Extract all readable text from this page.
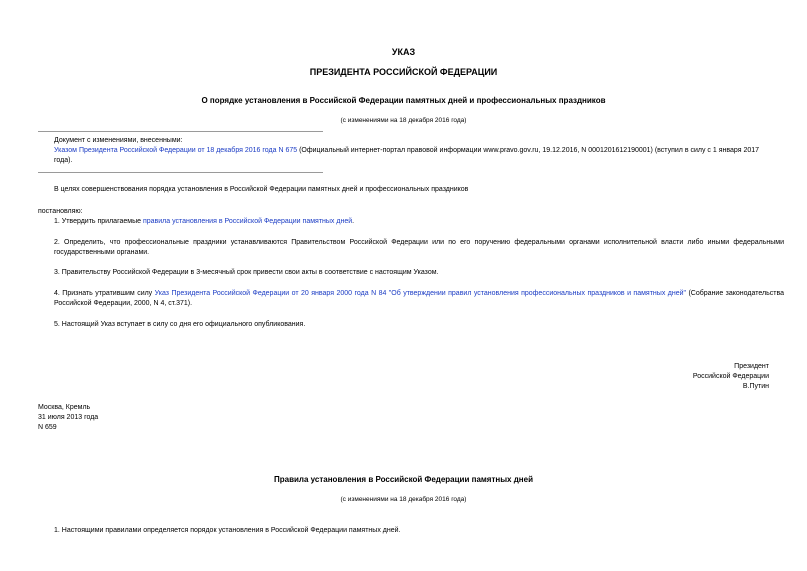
УКАЗ
ПРЕЗИДЕНТА РОССИЙСКОЙ ФЕДЕРАЦИИ
О порядке установления в Российской Федерации памятных дней и профессиональных праздников
(с изменениями на 18 декабря 2016 года)
Документ с изменениями, внесенными:
Указом Президента Российской Федерации от 18 декабря 2016 года N 675 (Официальный интернет-портал правовой информации www.pravo.gov.ru, 19.12.2016, N 0001201612190001) (вступил в силу с 1 января 2017 года).
В целях совершенствования порядка установления в Российской Федерации памятных дней и профессиональных праздников
постановляю:
1. Утвердить прилагаемые правила установления в Российской Федерации памятных дней.
2. Определить, что профессиональные праздники устанавливаются Правительством Российской Федерации или по его поручению федеральными органами исполнительной власти либо иными федеральными государственными органами.
3. Правительству Российской Федерации в 3-месячный срок привести свои акты в соответствие с настоящим Указом.
4. Признать утратившим силу Указ Президента Российской Федерации от 20 января 2000 года N 84 "Об утверждении правил установления профессиональных праздников и памятных дней" (Собрание законодательства Российской Федерации, 2000, N 4, ст.371).
5. Настоящий Указ вступает в силу со дня его официального опубликования.
Президент
Российской Федерации
В.Путин
Москва, Кремль
31 июля 2013 года
N 659
Правила установления в Российской Федерации памятных дней
(с изменениями на 18 декабря 2016 года)
1. Настоящими правилами определяется порядок установления в Российской Федерации памятных дней.
